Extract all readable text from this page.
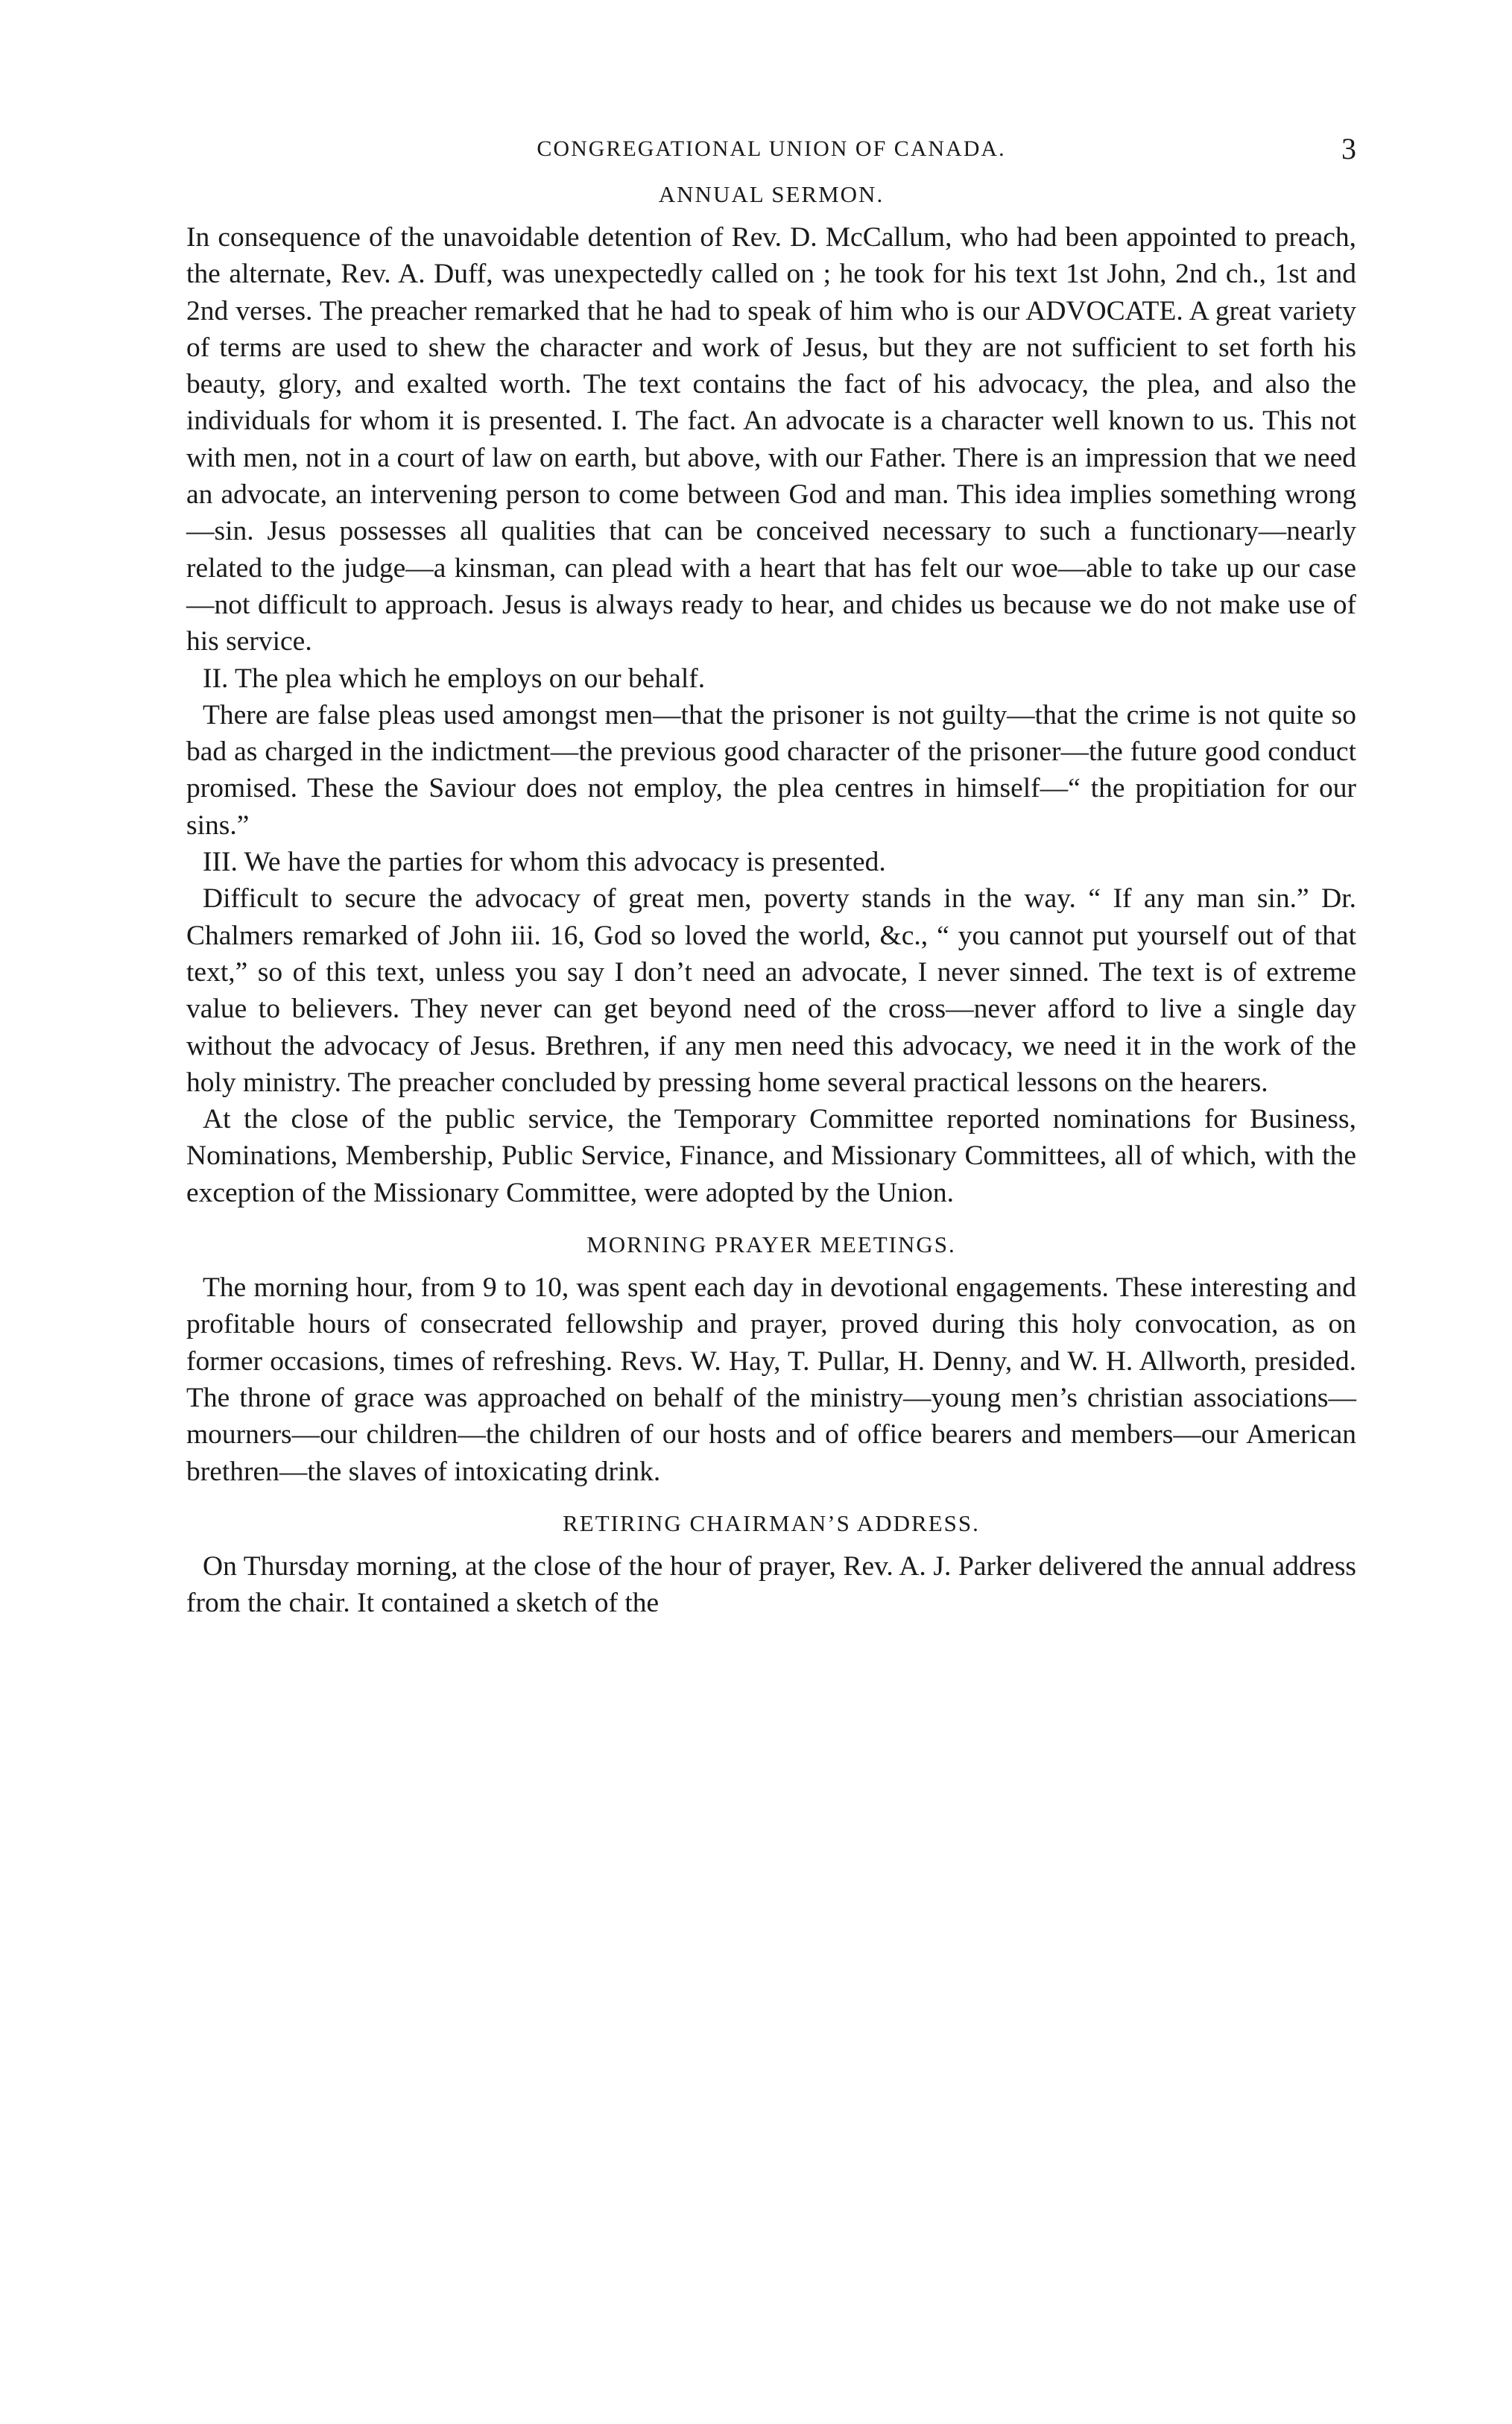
CONGREGATIONAL UNION OF CANADA.	3
ANNUAL SERMON.

In consequence of the unavoidable detention of Rev. D. McCallum, who had been appointed to preach, the alternate, Rev. A. Duff, was unexpectedly called on ; he took for his text 1st John, 2nd ch., 1st and 2nd verses. The preacher remarked that he had to speak of him who is our ADVOCATE. A great variety of terms are used to shew the character and work of Jesus, but they are not sufficient to set forth his beauty, glory, and exalted worth. The text contains the fact of his advocacy, the plea, and also the individuals for whom it is presented. I. The fact. An advocate is a character well known to us. This not with men, not in a court of law on earth, but above, with our Father. There is an impression that we need an advocate, an intervening person to come between God and man. This idea implies something wrong—sin. Jesus possesses all qualities that can be conceived necessary to such a functionary—nearly related to the judge—a kinsman, can plead with a heart that has felt our woe—able to take up our case—not difficult to approach. Jesus is always ready to hear, and chides us because we do not make use of his service.

II. The plea which he employs on our behalf.

There are false pleas used amongst men—that the prisoner is not guilty—that the crime is not quite so bad as charged in the indictment—the previous good character of the prisoner—the future good conduct promised. These the Saviour does not employ, the plea centres in himself—“ the propitiation for our sins.”

III. We have the parties for whom this advocacy is presented.

Difficult to secure the advocacy of great men, poverty stands in the way. “ If any man sin.” Dr. Chalmers remarked of John iii. 16, God so loved the world, &c., “ you cannot put yourself out of that text,” so of this text, unless you say I don’t need an advocate, I never sinned. The text is of extreme value to believers. They never can get beyond need of the cross—never afford to live a single day without the advocacy of Jesus. Brethren, if any men need this advocacy, we need it in the work of the holy ministry. The preacher concluded by pressing home several practical lessons on the hearers.

At the close of the public service, the Temporary Committee reported nominations for Business, Nominations, Membership, Public Service, Finance, and Missionary Committees, all of which, with the exception of the Missionary Committee, were adopted by the Union.

MORNING PRAYER MEETINGS.

The morning hour, from 9 to 10, was spent each day in devotional engagements. These interesting and profitable hours of consecrated fellowship and prayer, proved during this holy convocation, as on former occasions, times of refreshing. Revs. W. Hay, T. Pullar, H. Denny, and W. H. Allworth, presided. The throne of grace was approached on behalf of the ministry—young men’s christian associations—mourners—our children—the children of our hosts and of office bearers and members—our American brethren—the slaves of intoxicating drink.

RETIRING CHAIRMAN’S ADDRESS.

On Thursday morning, at the close of the hour of prayer, Rev. A. J. Parker delivered the annual address from the chair. It contained a sketch of the
